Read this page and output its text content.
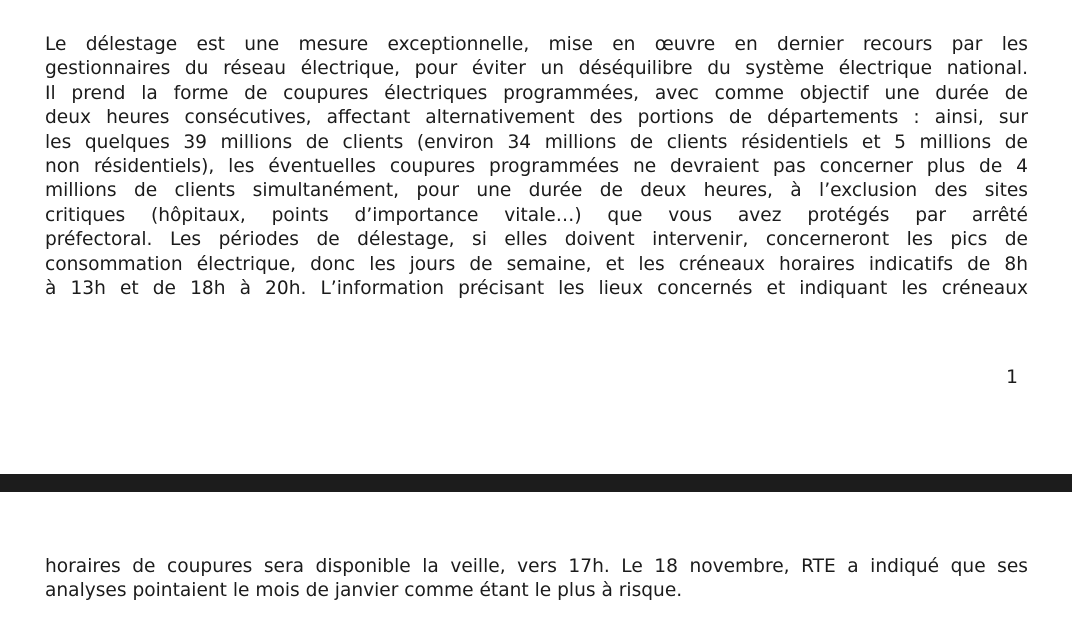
Le délestage est une mesure exceptionnelle, mise en œuvre en dernier recours par les
gestionnaires du réseau électrique, pour éviter un déséquilibre du système électrique national.
Il prend la forme de coupures électriques programmées, avec comme objectif une durée de
deux heures consécutives, affectant alternativement des portions de départements : ainsi, sur
les quelques 39 millions de clients (environ 34 millions de clients résidentiels et 5 millions de
non résidentiels), les éventuelles coupures programmées ne devraient pas concerner plus de 4
millions de clients simultanément, pour une durée de deux heures, à l’exclusion des sites
critiques (hôpitaux, points d’importance vitale…) que vous avez protégés par arrêté
préfectoral. Les périodes de délestage, si elles doivent intervenir, concerneront les pics de
consommation électrique, donc les jours de semaine, et les créneaux horaires indicatifs de 8h
à 13h et de 18h à 20h. L’information précisant les lieux concernés et indiquant les créneaux
1
horaires de coupures sera disponible la veille, vers 17h. Le 18 novembre, RTE a indiqué que ses
analyses pointaient le mois de janvier comme étant le plus à risque.
